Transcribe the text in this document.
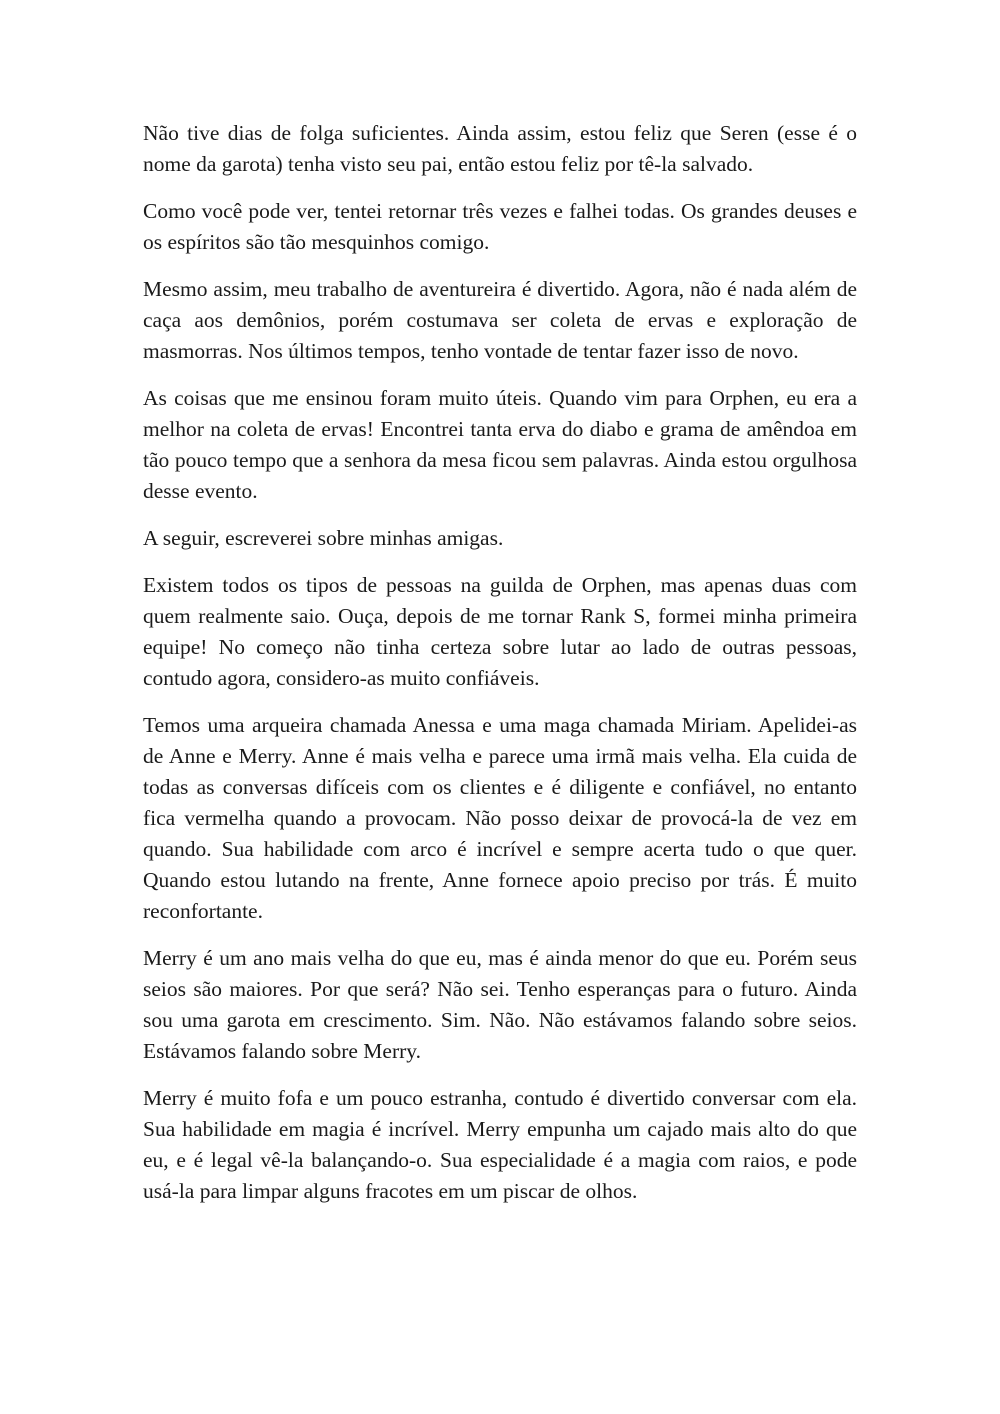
Não tive dias de folga suficientes. Ainda assim, estou feliz que Seren (esse é o nome da garota) tenha visto seu pai, então estou feliz por tê-la salvado.

Como você pode ver, tentei retornar três vezes e falhei todas. Os grandes deuses e os espíritos são tão mesquinhos comigo.

Mesmo assim, meu trabalho de aventureira é divertido. Agora, não é nada além de caça aos demônios, porém costumava ser coleta de ervas e exploração de masmorras. Nos últimos tempos, tenho vontade de tentar fazer isso de novo.

As coisas que me ensinou foram muito úteis. Quando vim para Orphen, eu era a melhor na coleta de ervas! Encontrei tanta erva do diabo e grama de amêndoa em tão pouco tempo que a senhora da mesa ficou sem palavras. Ainda estou orgulhosa desse evento.

A seguir, escreverei sobre minhas amigas.

Existem todos os tipos de pessoas na guilda de Orphen, mas apenas duas com quem realmente saio. Ouça, depois de me tornar Rank S, formei minha primeira equipe! No começo não tinha certeza sobre lutar ao lado de outras pessoas, contudo agora, considero-as muito confiáveis.

Temos uma arqueira chamada Anessa e uma maga chamada Miriam. Apelidei-as de Anne e Merry. Anne é mais velha e parece uma irmã mais velha. Ela cuida de todas as conversas difíceis com os clientes e é diligente e confiável, no entanto fica vermelha quando a provocam. Não posso deixar de provocá-la de vez em quando. Sua habilidade com arco é incrível e sempre acerta tudo o que quer. Quando estou lutando na frente, Anne fornece apoio preciso por trás. É muito reconfortante.

Merry é um ano mais velha do que eu, mas é ainda menor do que eu. Porém seus seios são maiores. Por que será? Não sei. Tenho esperanças para o futuro. Ainda sou uma garota em crescimento. Sim. Não. Não estávamos falando sobre seios. Estávamos falando sobre Merry.

Merry é muito fofa e um pouco estranha, contudo é divertido conversar com ela. Sua habilidade em magia é incrível. Merry empunha um cajado mais alto do que eu, e é legal vê-la balançando-o. Sua especialidade é a magia com raios, e pode usá-la para limpar alguns fracotes em um piscar de olhos.
